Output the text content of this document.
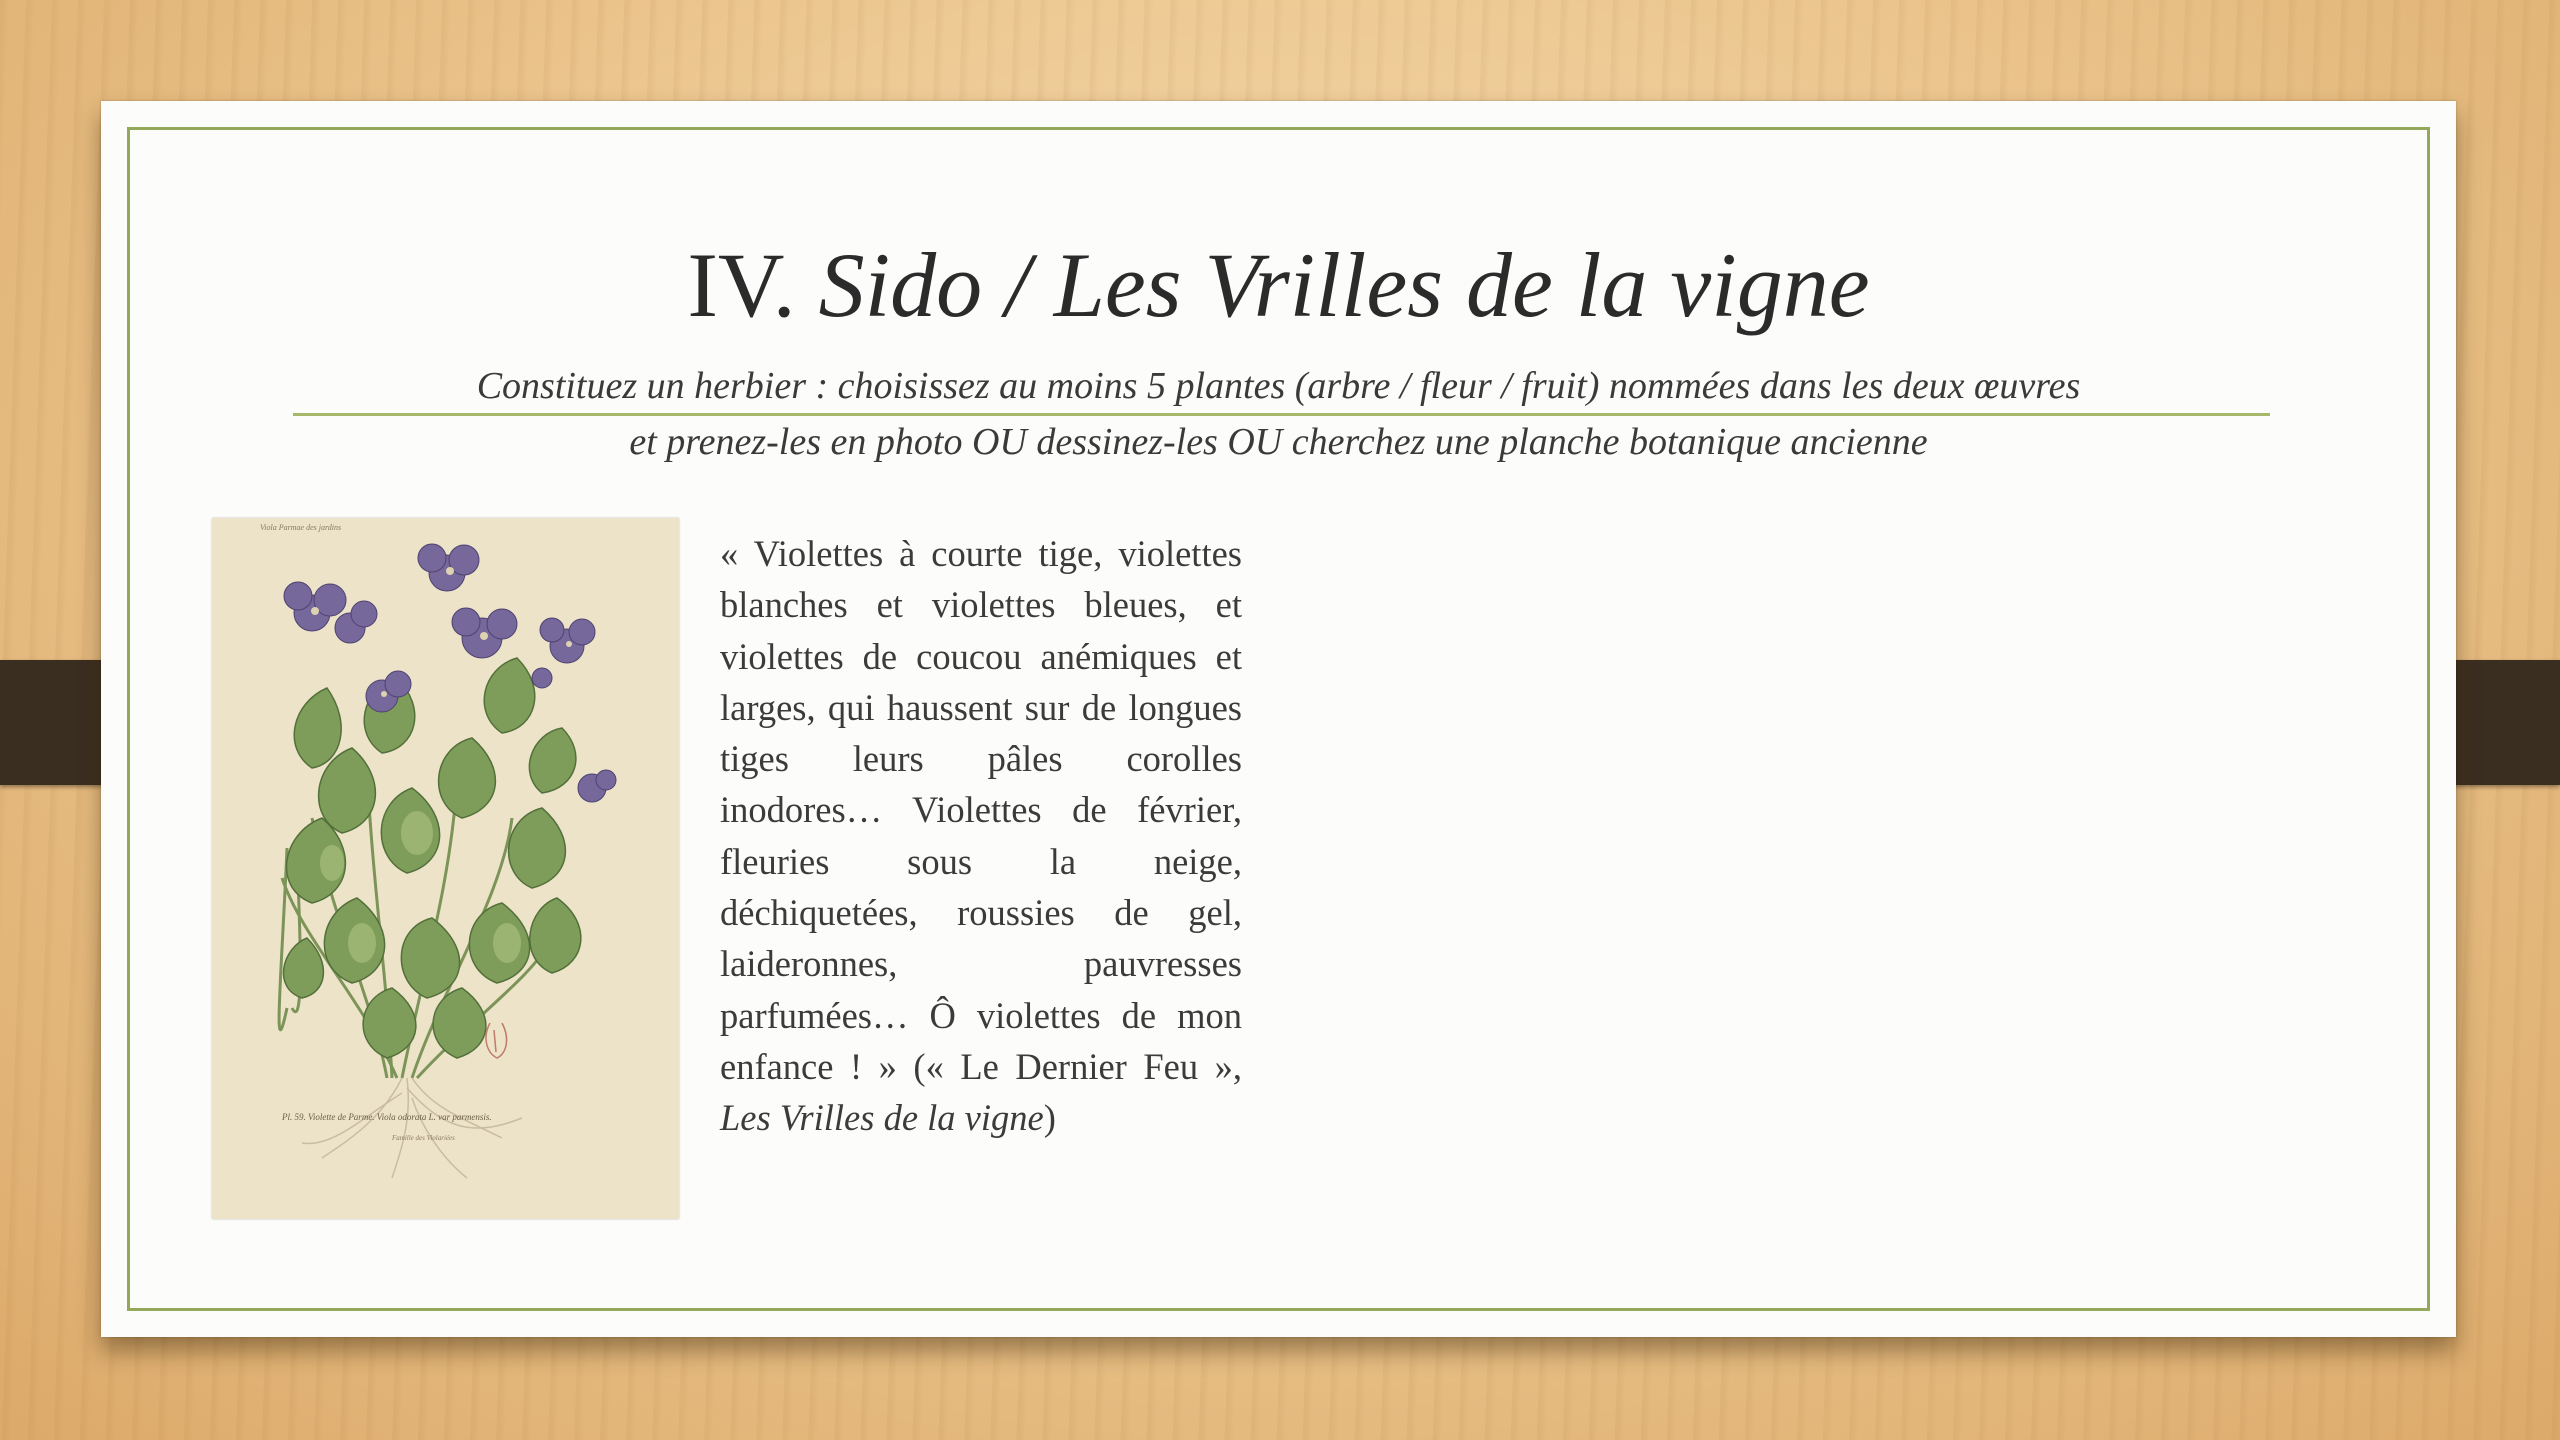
IV. Sido / Les Vrilles de la vigne
Constituez un herbier : choisissez au moins 5 plantes (arbre / fleur / fruit) nommées dans les deux œuvres
et prenez-les en photo OU dessinez-les OU cherchez une planche botanique ancienne
Viola Parmae des jardins
Pl. 59. Violette de Parme. Viola odorata L. var parmensis.
Famille des Violariées
« Violettes à courte tige, violettes blanches et violettes bleues, et violettes de coucou anémiques et larges, qui haussent sur de longues tiges leurs pâles corolles inodores… Violettes de février, fleuries sous la neige, déchiquetées, roussies de gel, laideronnes, pauvresses parfumées… Ô violettes de mon enfance ! » (« Le Dernier Feu », Les Vrilles de la vigne)
